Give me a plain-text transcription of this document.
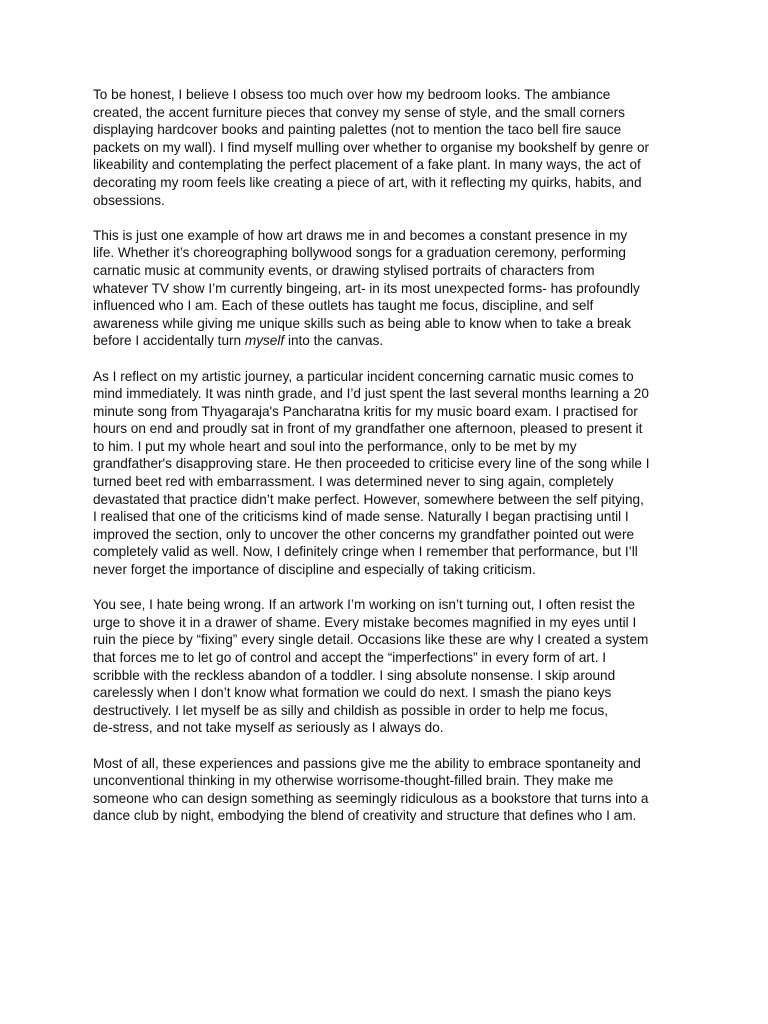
To be honest, I believe I obsess too much over how my bedroom looks. The ambiance
created, the accent furniture pieces that convey my sense of style, and the small corners
displaying hardcover books and painting palettes (not to mention the taco bell fire sauce
packets on my wall). I find myself mulling over whether to organise my bookshelf by genre or
likeability and contemplating the perfect placement of a fake plant. In many ways, the act of
decorating my room feels like creating a piece of art, with it reflecting my quirks, habits, and
obsessions.

This is just one example of how art draws me in and becomes a constant presence in my
life. Whether it’s choreographing bollywood songs for a graduation ceremony, performing
carnatic music at community events, or drawing stylised portraits of characters from
whatever TV show I’m currently bingeing, art- in its most unexpected forms- has profoundly
influenced who I am. Each of these outlets has taught me focus, discipline, and self
awareness while giving me unique skills such as being able to know when to take a break
before I accidentally turn myself into the canvas.

As I reflect on my artistic journey, a particular incident concerning carnatic music comes to
mind immediately. It was ninth grade, and I’d just spent the last several months learning a 20
minute song from Thyagaraja's Pancharatna kritis for my music board exam. I practised for
hours on end and proudly sat in front of my grandfather one afternoon, pleased to present it
to him. I put my whole heart and soul into the performance, only to be met by my
grandfather's disapproving stare. He then proceeded to criticise every line of the song while I
turned beet red with embarrassment. I was determined never to sing again, completely
devastated that practice didn’t make perfect. However, somewhere between the self pitying,
I realised that one of the criticisms kind of made sense. Naturally I began practising until I
improved the section, only to uncover the other concerns my grandfather pointed out were
completely valid as well. Now, I definitely cringe when I remember that performance, but I’ll
never forget the importance of discipline and especially of taking criticism.

You see, I hate being wrong. If an artwork I’m working on isn’t turning out, I often resist the
urge to shove it in a drawer of shame. Every mistake becomes magnified in my eyes until I
ruin the piece by “fixing” every single detail. Occasions like these are why I created a system
that forces me to let go of control and accept the “imperfections” in every form of art. I
scribble with the reckless abandon of a toddler. I sing absolute nonsense. I skip around
carelessly when I don’t know what formation we could do next. I smash the piano keys
destructively. I let myself be as silly and childish as possible in order to help me focus,
de-stress, and not take myself as seriously as I always do.

Most of all, these experiences and passions give me the ability to embrace spontaneity and
unconventional thinking in my otherwise worrisome-thought-filled brain. They make me
someone who can design something as seemingly ridiculous as a bookstore that turns into a
dance club by night, embodying the blend of creativity and structure that defines who I am.
